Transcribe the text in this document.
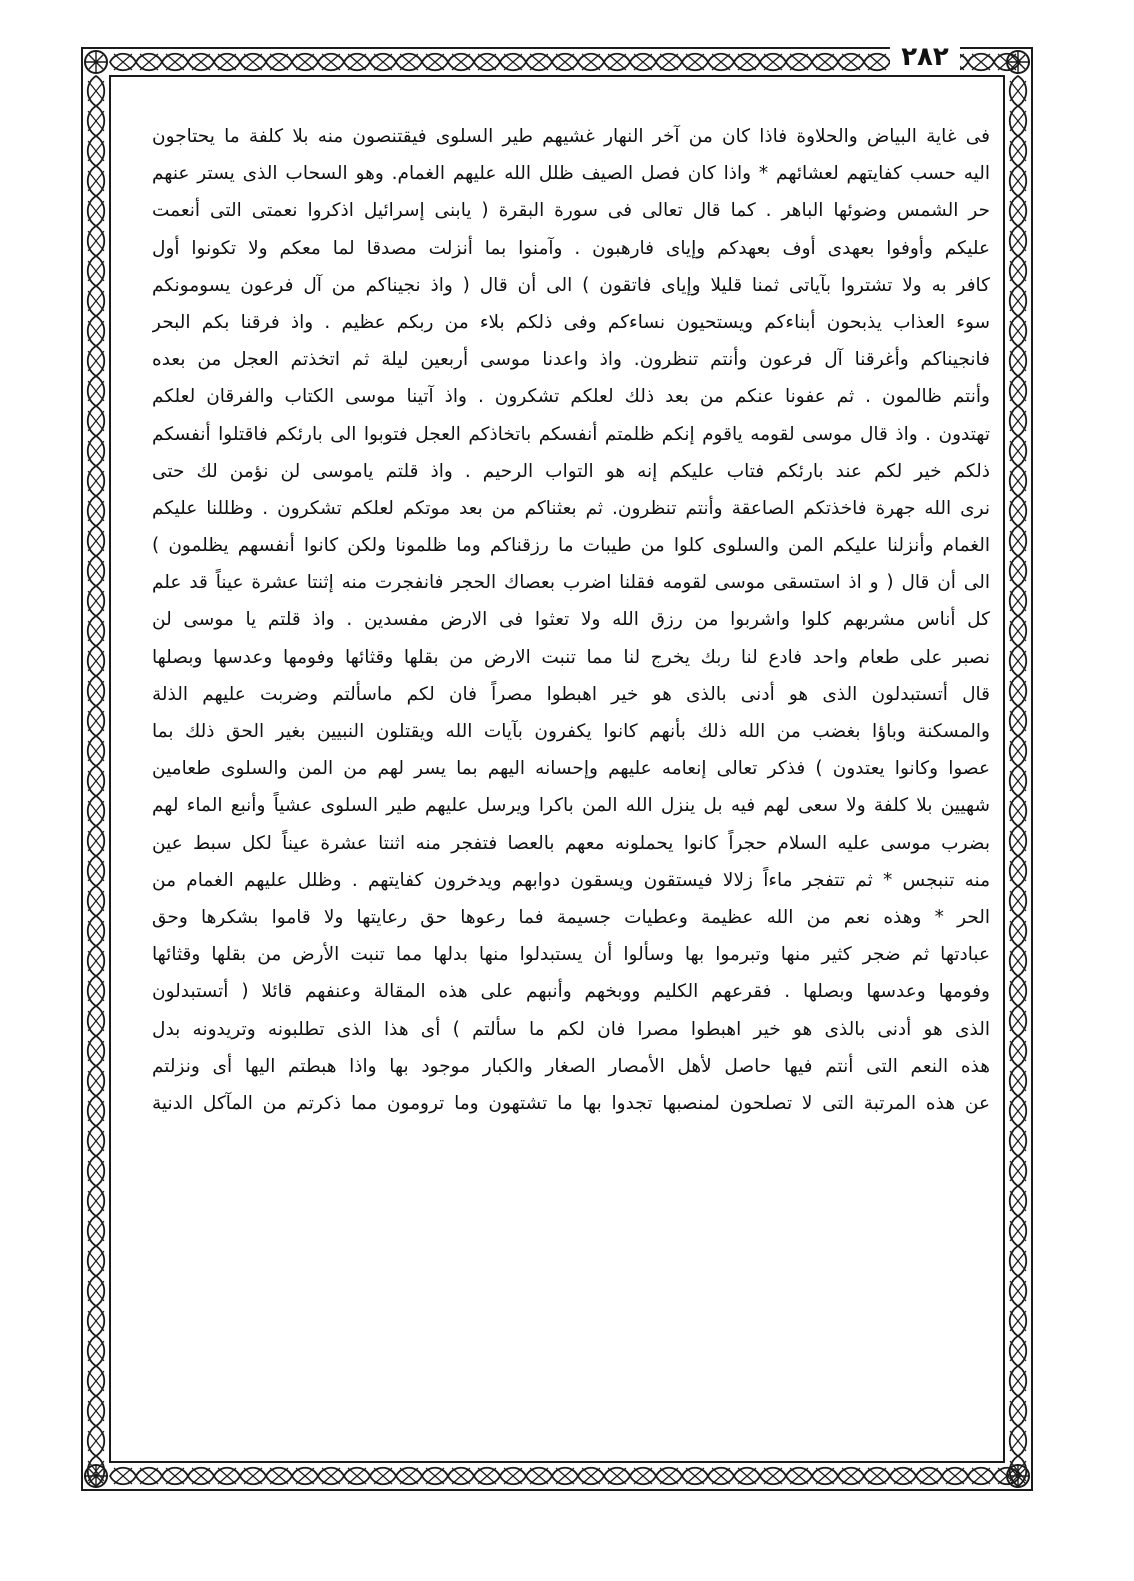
٢٨٢
فى غاية البياض والحلاوة فاذا كان من آخر النهار غشيهم طير السلوى فيقتنصون منه بلا كلفة ما يحتاجون
اليه حسب كفايتهم لعشائهم * واذا كان فصل الصيف ظلل الله عليهم الغمام. وهو السحاب الذى يستر عنهم
حر الشمس وضوئها الباهر . كما قال تعالى فى سورة البقرة ( يابنى إسرائيل اذكروا نعمتى التى أنعمت
عليكم وأوفوا بعهدى أوف بعهدكم وإياى فارهبون . وآمنوا بما أنزلت مصدقا لما معكم ولا تكونوا أول
كافر به ولا تشتروا بآياتى ثمنا قليلا وإياى فاتقون ) الى أن قال ( واذ نجيناكم من آل فرعون يسومونكم
سوء العذاب يذبحون أبناءكم ويستحيون نساءكم وفى ذلكم بلاء من ربكم عظيم . واذ فرقنا بكم البحر
فانجيناكم وأغرقنا آل فرعون وأنتم تنظرون. واذ واعدنا موسى أربعين ليلة ثم اتخذتم العجل من بعده
وأنتم ظالمون . ثم عفونا عنكم من بعد ذلك لعلكم تشكرون . واذ آتينا موسى الكتاب والفرقان لعلكم
تهتدون . واذ قال موسى لقومه ياقوم إنكم ظلمتم أنفسكم باتخاذكم العجل فتوبوا الى بارئكم فاقتلوا أنفسكم
ذلكم خير لكم عند بارئكم فتاب عليكم إنه هو التواب الرحيم . واذ قلتم ياموسى لن نؤمن لك حتى
نرى الله جهرة فاخذتكم الصاعقة وأنتم تنظرون. ثم بعثناكم من بعد موتكم لعلكم تشكرون . وظللنا عليكم
الغمام وأنزلنا عليكم المن والسلوى كلوا من طيبات ما رزقناكم وما ظلمونا ولكن كانوا أنفسهم يظلمون )
الى أن قال ( و اذ استسقى موسى لقومه فقلنا اضرب بعصاك الحجر فانفجرت منه إثنتا عشرة عيناً قد علم
كل أناس مشربهم كلوا واشربوا من رزق الله ولا تعثوا فى الارض مفسدين . واذ قلتم يا موسى لن
نصبر على طعام واحد فادع لنا ربك يخرج لنا مما تنبت الارض من بقلها وقثائها وفومها وعدسها وبصلها
قال أتستبدلون الذى هو أدنى بالذى هو خير اهبطوا مصراً فان لكم ماسألتم وضربت عليهم الذلة
والمسكنة وباؤا بغضب من الله ذلك بأنهم كانوا يكفرون بآيات الله ويقتلون النبيين بغير الحق ذلك بما
عصوا وكانوا يعتدون ) فذكر تعالى إنعامه عليهم وإحسانه اليهم بما يسر لهم من المن والسلوى طعامين
شهيين بلا كلفة ولا سعى لهم فيه بل ينزل الله المن باكرا ويرسل عليهم طير السلوى عشياً وأنبع الماء لهم
بضرب موسى عليه السلام حجراً كانوا يحملونه معهم بالعصا فتفجر منه اثنتا عشرة عيناً لكل سبط عين
منه تنبجس * ثم تتفجر ماءاً زلالا فيستقون ويسقون دوابهم ويدخرون كفايتهم . وظلل عليهم الغمام من
الحر * وهذه نعم من الله عظيمة وعطيات جسيمة فما رعوها حق رعايتها ولا قاموا بشكرها وحق
عبادتها ثم ضجر كثير منها وتبرموا بها وسألوا أن يستبدلوا منها بدلها مما تنبت الأرض من بقلها وقثائها
وفومها وعدسها وبصلها . فقرعهم الكليم ووبخهم وأنبهم على هذه المقالة وعنفهم قائلا ( أتستبدلون
الذى هو أدنى بالذى هو خير اهبطوا مصرا فان لكم ما سألتم ) أى هذا الذى تطلبونه وتريدونه بدل
هذه النعم التى أنتم فيها حاصل لأهل الأمصار الصغار والكبار موجود بها واذا هبطتم اليها أى ونزلتم
عن هذه المرتبة التى لا تصلحون لمنصبها تجدوا بها ما تشتهون وما ترومون مما ذكرتم من المآكل الدنية
